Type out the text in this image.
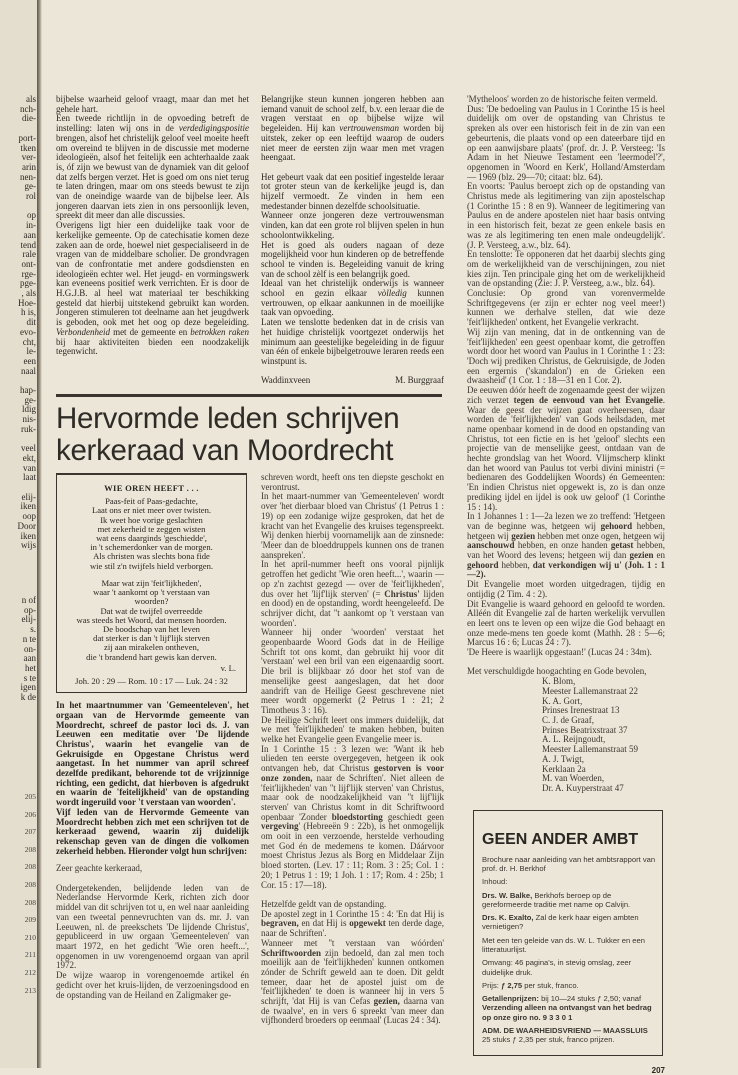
als
nch-
die-
port-
tken
ver-
arin
nen-
ge-
rol
op
in-
aan
tend
rale
ont-
rge-
pge-
, als
Hoe-
h is,
dit
evo-
cht,
le-
een
naal
hap-
ge-
ldig
nis-
ruk-
veel
ekt,
van
laat
elij-
iken
oop
Door
iken
wijs
n of
op-
elij-
s.
n te
on-
aan
het
s te
igen
k de
205
206
207
208
208
208
208
209
210
211
212
213

bijbelse waarheid geloof vraagt, maar dan met het gehele hart.

Een tweede richtlijn in de opvoeding betreft de instelling: laten wij ons in de verdedigingspositie brengen, alsof het christelijk geloof veel moeite heeft om overeind te blijven in de discussie met moderne ideologieën, alsof het feitelijk een achterhaalde zaak is, óf zijn we bewust van de dynamiek van dit geloof dat zelfs bergen verzet. Het is goed om ons niet terug te laten dringen, maar om ons steeds bewust te zijn van de oneindige waarde van de bijbelse leer. Als jongeren daarvan iets zien in ons persoonlijk leven, spreekt dit meer dan alle discussies.

Overigens ligt hier een duidelijke taak voor de kerkelijke gemeente. Op de catechisatie komen deze zaken aan de orde, hoewel niet gespecialiseerd in de vragen van de middelbare scholier. De grondvragen van de confrontatie met andere godsdiensten en ideologieën echter wel. Het jeugd- en vormingswerk kan eveneens positief werk verrichten. Er is door de H.G.J.B. al heel wat materiaal ter beschikking gesteld dat hierbij uitstekend gebruikt kan worden. Jongeren stimuleren tot deelname aan het jeugdwerk is geboden, ook met het oog op deze begeleiding. Verbondenheid met de gemeente en betrokken raken bij haar aktiviteiten bieden een noodzakelijk tegenwicht.

Belangrijke steun kunnen jongeren hebben aan iemand vanuit de school zelf, b.v. een leraar die de vragen verstaat en op bijbelse wijze wil begeleiden. Hij kan vertrouwensman worden bij uitstek, zeker op een leeftijd waarop de ouders niet meer de eersten zijn waar men met vragen heengaat.

Het gebeurt vaak dat een positief ingestelde leraar tot groter steun van de kerkelijke jeugd is, dan hijzelf vermoedt. Ze vinden in hem een medestander binnen dezelfde schoolsituatie.

Wanneer onze jongeren deze vertrouwensman vinden, kan dat een grote rol blijven spelen in hun schoolontwikkeling.

Het is goed als ouders nagaan of deze mogelijkheid voor hun kinderen op de betreffende school te vinden is. Begeleiding vanuit de kring van de school zèlf is een belangrijk goed.

Ideaal van het christelijk onderwijs is wanneer school en gezin elkaar vòlledig kunnen vertrouwen, op elkaar aankunnen in de moeilijke taak van opvoeding.

Laten we tenslotte bedenken dat in de crisis van het huidige christelijk voortgezet onderwijs het minimum aan geestelijke begeleiding in de figuur van één of enkele bijbelgetrouwe leraren reeds een winstpunt is.

Waddinxveen	M. Burggraaf
Hervormde leden schrijven
kerkeraad van Moordrecht
WIE OREN HEEFT . . .
Paas-feit of Paas-gedachte,
Laat ons er niet meer over twisten.
Ik weet hoe vorige geslachten
met zekerheid te zeggen wisten
wat eens daarginds 'geschiedde',
in 't schemerdonker van de morgen.
Als christen was slechts bona fide
wie stil z'n twijfels hield verborgen.
Maar wat zijn 'feit'lijkheden',
waar 't aankomt op 't verstaan van
woorden?
Dat wat de twijfel overreedde
was steeds het Woord, dat mensen hoorden.
De boodschap van het leven
dat sterker is dan 't lijf'lijk sterven
zij aan mirakelen ontheven,
die 't brandend hart gewis kan derven.
v. L.
Joh. 20 : 29 — Rom. 10 : 17 — Luk. 24 : 32

In het maartnummer van 'Gemeenteleven', het orgaan van de Hervormde gemeente van Moordrecht, schreef de pastor loci ds. J. van Leeuwen een meditatie over 'De lijdende Christus', waarin het evangelie van de Gekruisigde en Opgestane Christus werd aangetast. In het nummer van april schreef dezelfde predikant, behorende tot de vrijzinnige richting, een gedicht, dat hierboven is afgedrukt en waarin de 'feitelijkheid' van de opstanding wordt ingeruild voor 't verstaan van woorden'.

Vijf leden van de Hervormde Gemeente van Moordrecht hebben zich met een schrijven tot de kerkeraad gewend, waarin zij duidelijk rekenschap geven van de dingen die volkomen zekerheid hebben. Hieronder volgt hun schrijven:

Zeer geachte kerkeraad,

Ondergetekenden, belijdende leden van de Nederlandse Hervormde Kerk, richten zich door middel van dit schrijven tot u, en wel naar aanleiding van een tweetal pennevruchten van ds. mr. J. van Leeuwen, nl. de preekschets 'De lijdende Christus', gepubliceerd in uw orgaan 'Gemeenteleven' van maart 1972, en het gedicht 'Wie oren heeft...', opgenomen in uw vorengenoemd orgaan van april 1972.

De wijze waarop in vorengenoemde artikel én gedicht over het kruis-lijden, de verzoeningsdood en de opstanding van de Heiland en Zaligmaker ge-

schreven wordt, heeft ons ten diepste geschokt en verontrust.

In het maart-nummer van 'Gemeenteleven' wordt over 'het dierbaar bloed van Christus' (1 Petrus 1 : 19) op een zodanige wijze gesproken, dat het de kracht van het Evangelie des kruises tegenspreekt. Wij denken hierbij voornamelijk aan de zinsnede: 'Meer dan de bloeddruppels kunnen ons de tranen aanspreken'.

In het april-nummer heeft ons vooral pijnlijk getroffen het gedicht 'Wie oren heeft...', waarin — op z'n zachtst gezegd — over de 'feit'lijkheden', dus over het 'lijf'lijk sterven' (= Christus' lijden en dood) en de opstanding, wordt heengeleefd. De schrijver dicht, dat ''t aankomt op 't verstaan van woorden'.

Wanneer hij onder 'woorden' verstaat het geopenbaarde Woord Gods dat in de Heilige Schrift tot ons komt, dan gebruikt hij voor dit 'verstaan' wel een bril van een eigenaardig soort. Die bril is blijkbaar zó door het stof van de menselijke geest aangeslagen, dat het door aandrift van de Heilige Geest geschrevene niet meer wordt opgemerkt (2 Petrus 1 : 21; 2 Timotheus 3 : 16).

De Heilige Schrift leert ons immers duidelijk, dat we met 'feit'lijkheden' te maken hebben, buiten welke het Evangelie geen Evangelie meer is.

In 1 Corinthe 15 : 3 lezen we: 'Want ik heb ulieden ten eerste overgegeven, hetgeen ik ook ontvangen heb, dat Christus gestorven is voor onze zonden, naar de Schriften'. Niet alleen de 'feit'lijkheden' van ''t lijf'lijk sterven' van Christus, maar ook de noodzakelijkheid van ''t lijf'lijk sterven' van Christus komt in dit Schriftwoord openbaar 'Zonder bloedstorting geschiedt geen vergeving' (Hebreeën 9 : 22b), is het onmogelijk om ooit in een verzoende, herstelde verhouding met God én de medemens te komen. Dáárvoor moest Christus Jezus als Borg en Middelaar Zijn bloed storten. (Lev. 17 : 11; Rom. 3 : 25; Col. 1 : 20; 1 Petrus 1 : 19; 1 Joh. 1 : 17; Rom. 4 : 25b; 1 Cor. 15 : 17—18).

Hetzelfde geldt van de opstanding.

De apostel zegt in 1 Corinthe 15 : 4: 'En dat Hij is begraven, en dat Hij is opgewekt ten derde dage, naar de Schriften'.

Wanneer met ''t verstaan van wóórden' Schriftwoorden zijn bedoeld, dan zal men toch moeilijk aan de 'feit'lijkheden' kunnen ontkomen zónder de Schrift geweld aan te doen. Dit geldt temeer, daar het de apostel juist om de 'feit'lijkheden' te doen is wanneer hij in vers 5 schrijft, 'dat Hij is van Cefas gezien, daarna van de twaalve', en in vers 6 spreekt 'van meer dan vijfhonderd broeders op eenmaal' (Lucas 24 : 34).

'Mytheloos' worden zo de historische feiten vermeld.

Dus: 'De bedoeling van Paulus in 1 Corinthe 15 is heel duidelijk om over de opstanding van Christus te spreken als over een historisch feit in de zin van een gebeurtenis, die plaats vond op een dateerbare tijd en op een aanwijsbare plaats' (prof. dr. J. P. Versteeg: 'Is Adam in het Nieuwe Testament een 'leermodel'?', opgenomen in 'Woord en Kerk', Holland/Amsterdam — 1969 (blz. 29—70; citaat: blz. 64).

En voorts: 'Paulus beroept zich op de opstanding van Christus mede als legitimering van zijn apostelschap (1 Corinthe 15 : 8 en 9). Wanneer de legitimering van Paulus en de andere apostelen niet haar basis ontving in een historisch feit, bezat ze geen enkele basis en was ze als legitimering ten enen male ondeugdelijk'. (J. P. Versteeg, a.w., blz. 64).

En tenslotte: Te opponeren dat het daarbij slechts ging om de werkelijkheid van de verschijningen, zou niet kies zijn. Ten principale ging het om de werkelijkheid van de opstanding (Zie: J. P. Versteeg, a.w., blz. 64).

Conclusie: Op grond van vorenvermelde Schriftgegevens (er zijn er echter nog veel meer!) kunnen we derhalve stellen, dat wie deze 'feit'lijkheden' ontkent, het Evangelie verkracht.

Wij zijn van mening, dat in de ontkenning van de 'feit'lijkheden' een geest openbaar komt, die getroffen wordt door het woord van Paulus in 1 Corinthe 1 : 23: 'Doch wij prediken Christus, de Gekruisigde, de Joden een ergernis ('skandalon') en de Grieken een dwaasheid' (1 Cor. 1 : 18—31 en 1 Cor. 2).

De eeuwen dóór heeft de zogenaamde geest der wijzen zich verzet tegen de eenvoud van het Evangelie. Waar de geest der wijzen gaat overheersen, daar worden de 'feit'lijkheden' van Gods heilsdaden, met name openbaar komend in de dood en opstanding van Christus, tot een fictie en is het 'geloof' slechts een projectie van de menselijke geest, ontdaan van de hechte grondslag van het Woord. Vlijmscherp klinkt dan het woord van Paulus tot verbi divini ministri (= bedienaren des Goddelijken Woords) én Gemeenten: 'En indien Christus niet opgewekt is, zo is dan onze prediking ijdel en ijdel is ook uw geloof' (1 Corinthe 15 : 14).

In 1 Johannes 1 : 1—2a lezen we zo treffend: 'Hetgeen van de beginne was, hetgeen wij gehoord hebben, hetgeen wij gezien hebben met onze ogen, hetgeen wij aanschouwd hebben, en onze handen getast hebben, van het Woord des levens; hetgeen wij dan gezien en gehoord hebben, dat verkondigen wij u' (Joh. 1 : 1—2).

Dit Evangelie moet worden uitgedragen, tijdig en ontijdig (2 Tim. 4 : 2).

Dit Evangelie is waard gehoord en geloofd te worden. Alléén dit Evangelie zal de harten werkelijk vervullen en leert ons te leven op een wijze die God behaagt en onze mede-mens ten goede komt (Mathh. 28 : 5—6; Marcus 16 : 6; Lucas 24 : 7).

'De Heere is waarlijk opgestaan!' (Lucas 24 : 34m).

Met verschuldigde hoogachting en Gode bevolen,

K. Blom,
Meester Lallemanstraat 22
K. A. Gort,
Prinses Irenestraat 13
C. J. de Graaf,
Prinses Beatrixstraat 37
A. L. Reijngoudt,
Meester Lallemanstraat 59
A. J. Twigt,
Kerklaan 2a
M. van Woerden,
Dr. A. Kuyperstraat 47
GEEN ANDER AMBT

Brochure naar aanleiding van het ambtsrapport van prof. dr. H. Berkhof

Inhoud:

Drs. W. Balke, Berkhofs beroep op de gereformeerde traditie met name op Calvijn.

Drs. K. Exalto, Zal de kerk haar eigen ambten vernietigen?

Met een ten geleide van ds. W. L. Tukker en een litteratuurlijst.

Omvang: 46 pagina's, in stevig omslag, zeer duidelijke druk.

Prijs: ƒ 2,75 per stuk, franco.

Getallenprijzen: bij 10—24 stuks ƒ 2,50; vanaf Verzending alleen na ontvangst van het bedrag op onze giro no. 9 3 3 0 1

ADM. DE WAARHEIDSVRIEND — MAASSLUIS 25 stuks ƒ 2,35 per stuk, franco prijzen.

207
